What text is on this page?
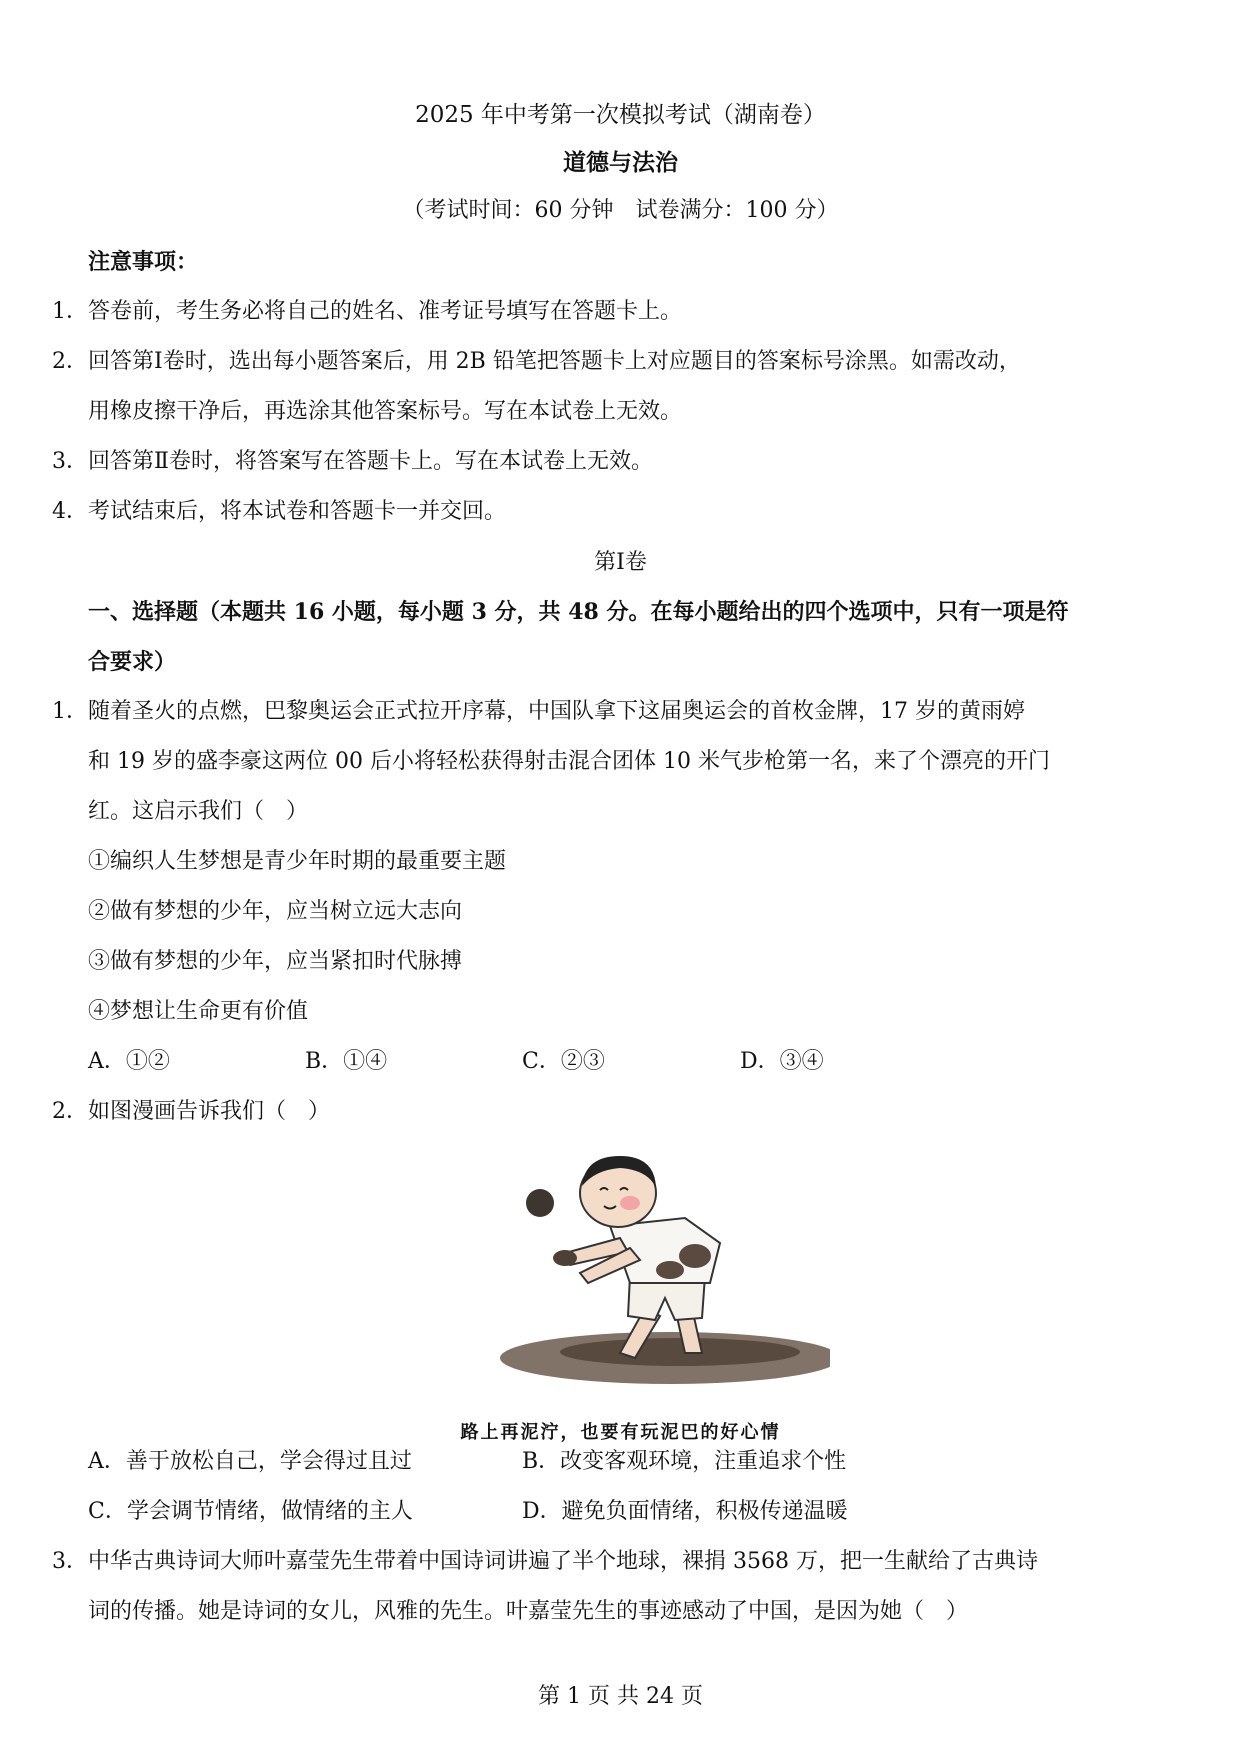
2025 年中考第一次模拟考试（湖南卷）
道德与法治
（考试时间：60 分钟　试卷满分：100 分）
注意事项：
1．答卷前，考生务必将自己的姓名、准考证号填写在答题卡上。
2．回答第Ⅰ卷时，选出每小题答案后，用 2B 铅笔把答题卡上对应题目的答案标号涂黑。如需改动，
用橡皮擦干净后，再选涂其他答案标号。写在本试卷上无效。
3．回答第Ⅱ卷时，将答案写在答题卡上。写在本试卷上无效。
4．考试结束后，将本试卷和答题卡一并交回。
第Ⅰ卷
一、选择题（本题共 16 小题，每小题 3 分，共 48 分。在每小题给出的四个选项中，只有一项是符
合要求）
1．随着圣火的点燃，巴黎奥运会正式拉开序幕，中国队拿下这届奥运会的首枚金牌，17 岁的黄雨婷
和 19 岁的盛李豪这两位 00 后小将轻松获得射击混合团体 10 米气步枪第一名，来了个漂亮的开门
红。这启示我们（　）
①编织人生梦想是青少年时期的最重要主题
②做有梦想的少年，应当树立远大志向
③做有梦想的少年，应当紧扣时代脉搏
④梦想让生命更有价值
A．①②	B．①④	C．②③	D．③④
2．如图漫画告诉我们（　）
路上再泥泞，也要有玩泥巴的好心情
A．善于放松自己，学会得过且过	B．改变客观环境，注重追求个性
C．学会调节情绪，做情绪的主人	D．避免负面情绪，积极传递温暖
3．中华古典诗词大师叶嘉莹先生带着中国诗词讲遍了半个地球，裸捐 3568 万，把一生献给了古典诗
词的传播。她是诗词的女儿，风雅的先生。叶嘉莹先生的事迹感动了中国，是因为她（　）
第 1 页 共 24 页
